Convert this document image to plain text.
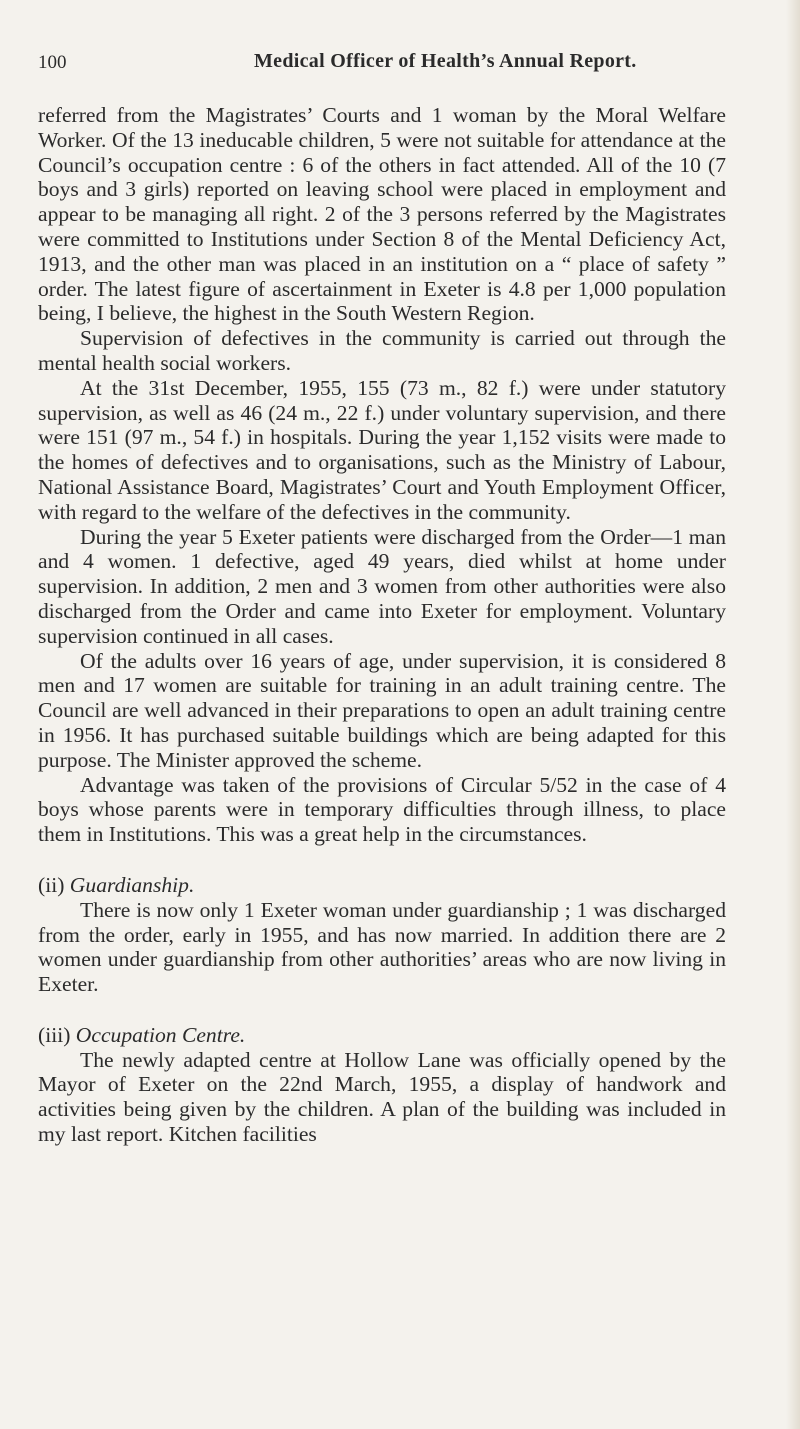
100	Medical Officer of Health’s Annual Report.

referred from the Magistrates’ Courts and 1 woman by the Moral Welfare Worker. Of the 13 ineducable children, 5 were not suitable for attendance at the Council’s occupation centre : 6 of the others in fact attended. All of the 10 (7 boys and 3 girls) reported on leaving school were placed in employment and appear to be managing all right. 2 of the 3 persons referred by the Magistrates were committed to Institutions under Section 8 of the Mental Deficiency Act, 1913, and the other man was placed in an institution on a “ place of safety ” order. The latest figure of ascertainment in Exeter is 4.8 per 1,000 population being, I believe, the highest in the South Western Region.

Supervision of defectives in the community is carried out through the mental health social workers.

At the 31st December, 1955, 155 (73 m., 82 f.) were under statutory supervision, as well as 46 (24 m., 22 f.) under voluntary supervision, and there were 151 (97 m., 54 f.) in hospitals. During the year 1,152 visits were made to the homes of defectives and to organisations, such as the Ministry of Labour, National Assistance Board, Magistrates’ Court and Youth Employment Officer, with regard to the welfare of the defectives in the community.

During the year 5 Exeter patients were discharged from the Order—1 man and 4 women. 1 defective, aged 49 years, died whilst at home under supervision. In addition, 2 men and 3 women from other authorities were also discharged from the Order and came into Exeter for employment. Voluntary supervision continued in all cases.

Of the adults over 16 years of age, under supervision, it is considered 8 men and 17 women are suitable for training in an adult training centre. The Council are well advanced in their preparations to open an adult training centre in 1956. It has purchased suitable buildings which are being adapted for this purpose. The Minister approved the scheme.

Advantage was taken of the provisions of Circular 5/52 in the case of 4 boys whose parents were in temporary difficulties through illness, to place them in Institutions. This was a great help in the circumstances.

(ii) Guardianship.

There is now only 1 Exeter woman under guardianship ; 1 was discharged from the order, early in 1955, and has now married. In addition there are 2 women under guardianship from other authorities’ areas who are now living in Exeter.

(iii) Occupation Centre.

The newly adapted centre at Hollow Lane was officially opened by the Mayor of Exeter on the 22nd March, 1955, a display of handwork and activities being given by the children. A plan of the building was included in my last report. Kitchen facilities
